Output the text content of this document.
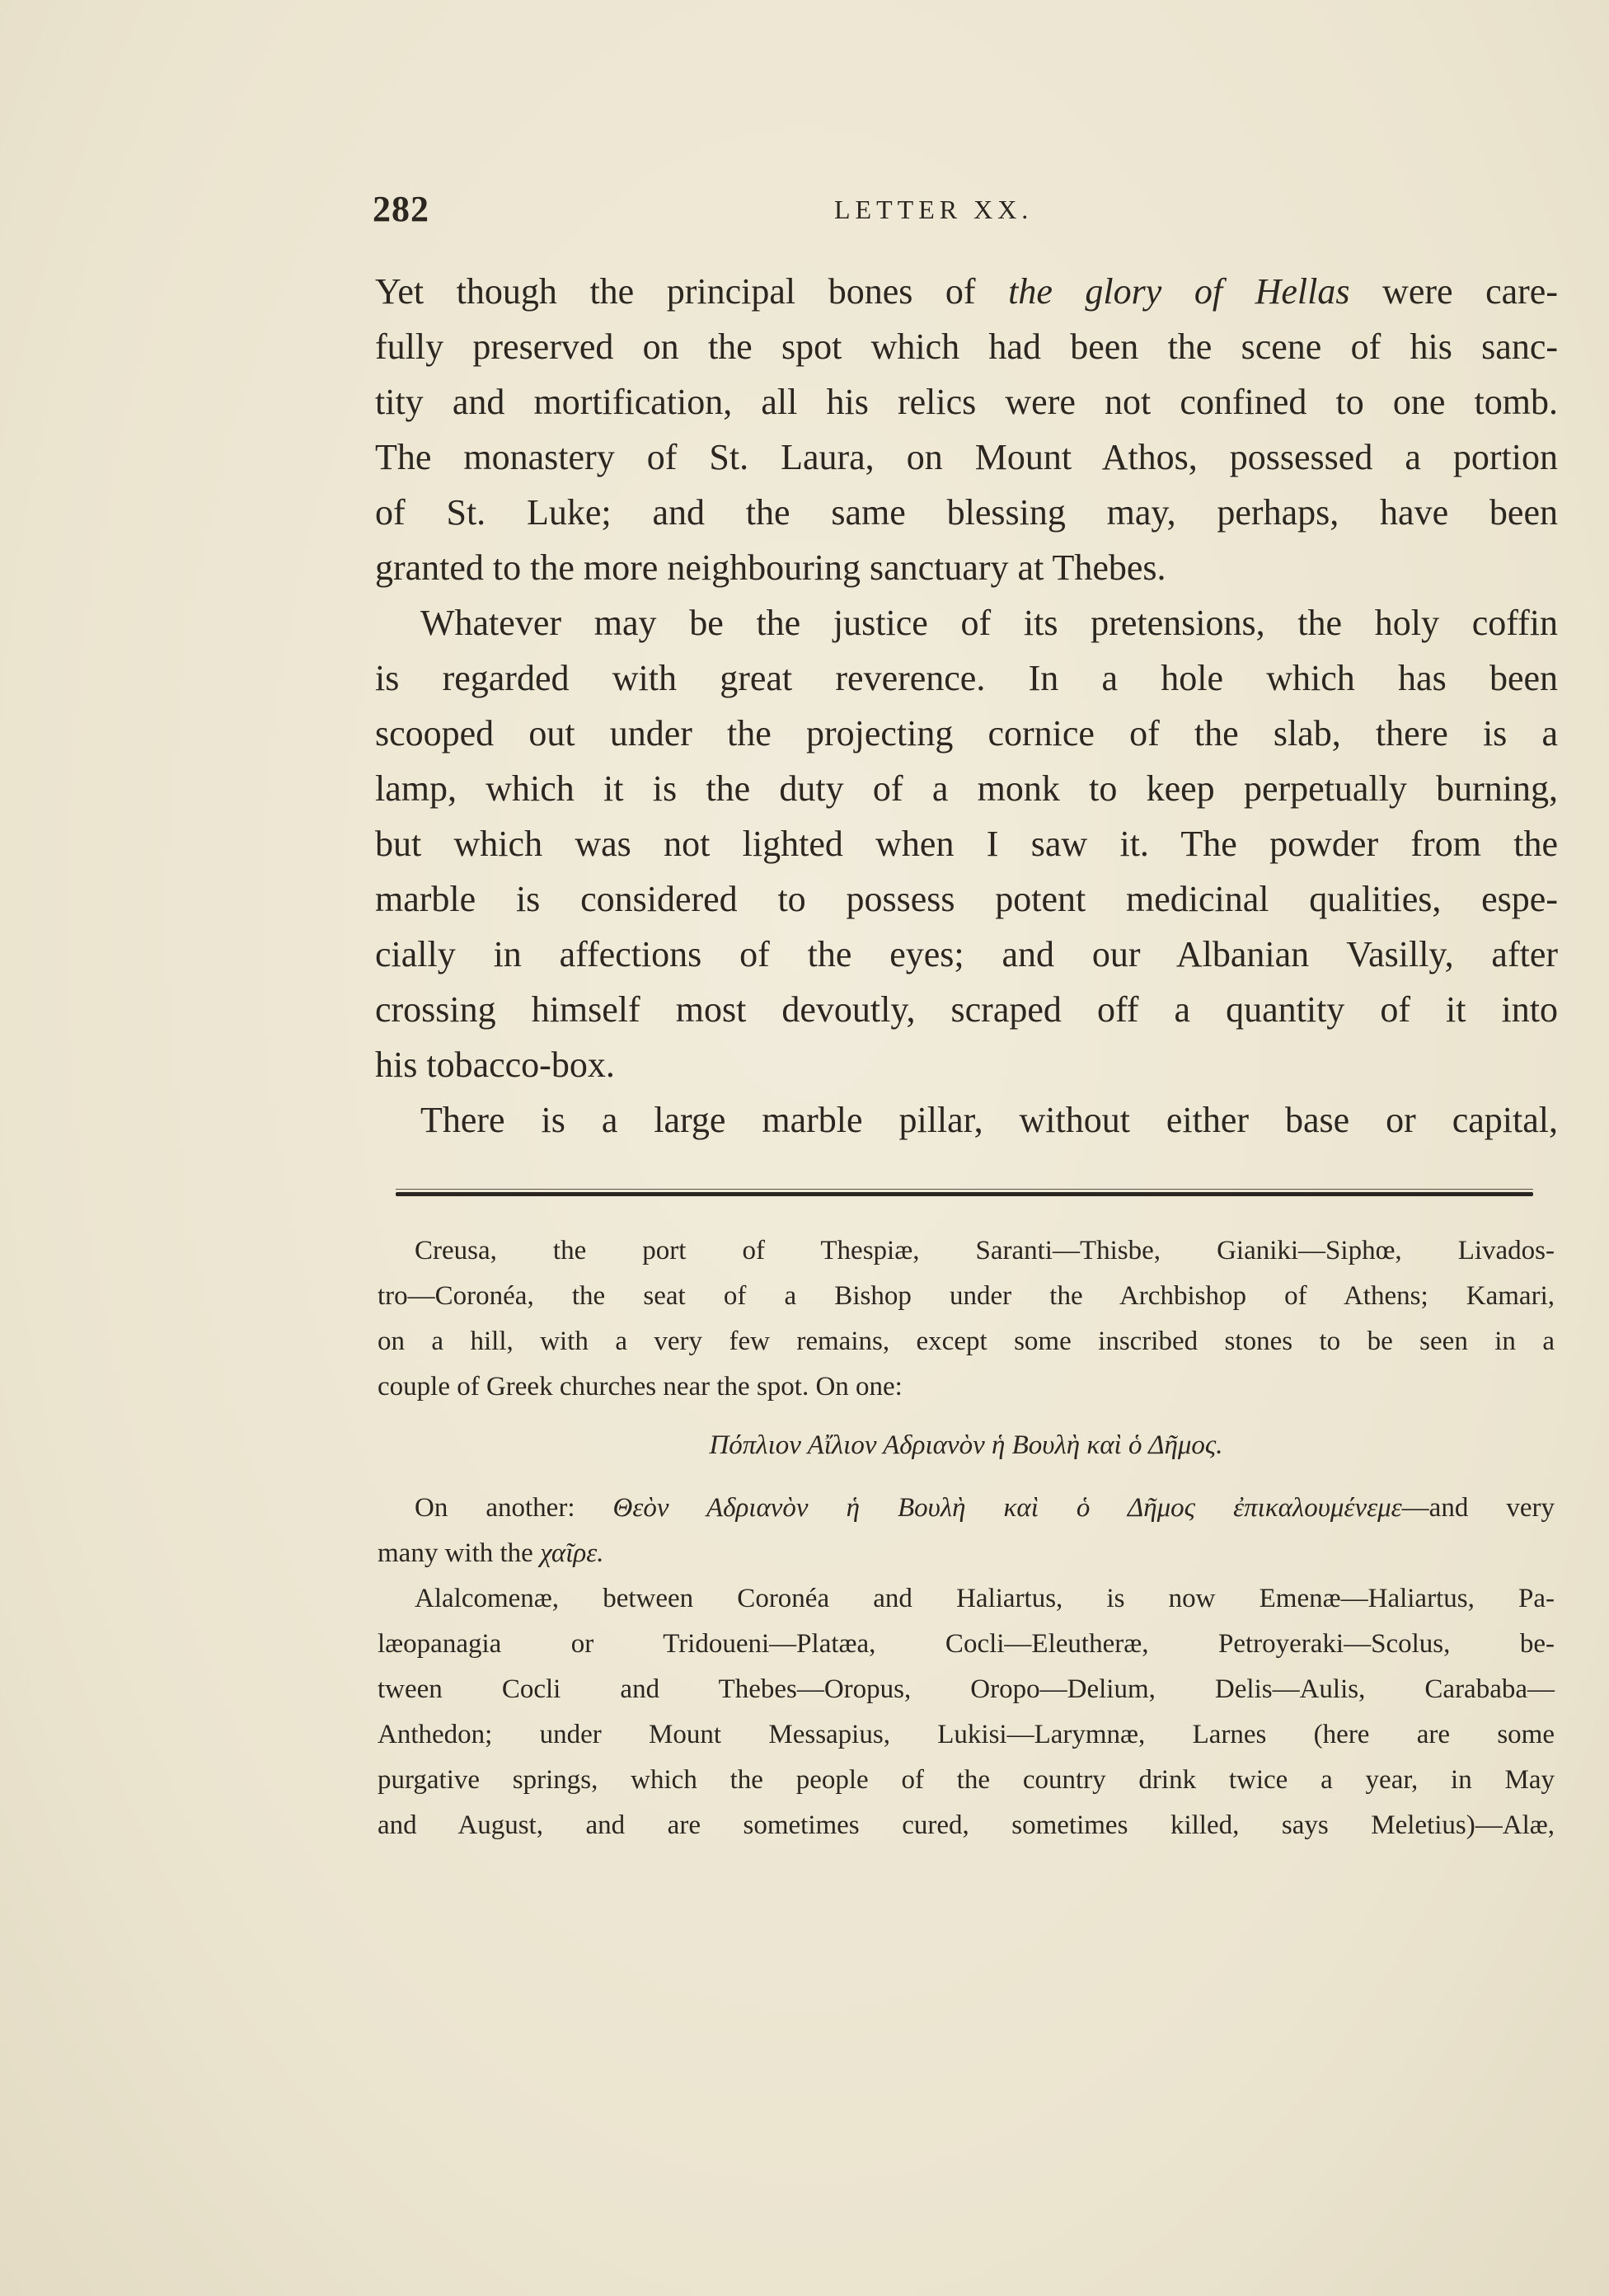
282	LETTER XX.
Yet though the principal bones of the glory of Hellas were care-
fully preserved on the spot which had been the scene of his sanc-
tity and mortification, all his relics were not confined to one tomb.
The monastery of St. Laura, on Mount Athos, possessed a portion
of St. Luke; and the same blessing may, perhaps, have been
granted to the more neighbouring sanctuary at Thebes.
Whatever may be the justice of its pretensions, the holy coffin
is regarded with great reverence. In a hole which has been
scooped out under the projecting cornice of the slab, there is a
lamp, which it is the duty of a monk to keep perpetually burning,
but which was not lighted when I saw it. The powder from the
marble is considered to possess potent medicinal qualities, espe-
cially in affections of the eyes; and our Albanian Vasilly, after
crossing himself most devoutly, scraped off a quantity of it into
his tobacco-box.
There is a large marble pillar, without either base or capital,
Creusa, the port of Thespiæ, Saranti—Thisbe, Gianiki—Siphœ, Livados-
tro—Coronéa, the seat of a Bishop under the Archbishop of Athens; Kamari,
on a hill, with a very few remains, except some inscribed stones to be seen in a
couple of Greek churches near the spot. On one:
Πόπλιον Αἴλιον Αδριανὸν ἡ Βουλὴ καὶ ὁ Δῆμος.
On another: Θεὸν Αδριανὸν ἡ Βουλὴ καὶ ὁ Δῆμος ἐπικαλουμένεμε—and very
many with the χαῖρε.
Alalcomenæ, between Coronéa and Haliartus, is now Emenæ—Haliartus, Pa-
læopanagia or Tridoueni—Platæa, Cocli—Eleutheræ, Petroyeraki—Scolus, be-
tween Cocli and Thebes—Oropus, Oropo—Delium, Delis—Aulis, Carababa—
Anthedon; under Mount Messapius, Lukisi—Larymnæ, Larnes (here are some
purgative springs, which the people of the country drink twice a year, in May
and August, and are sometimes cured, sometimes killed, says Meletius)—Alæ,
